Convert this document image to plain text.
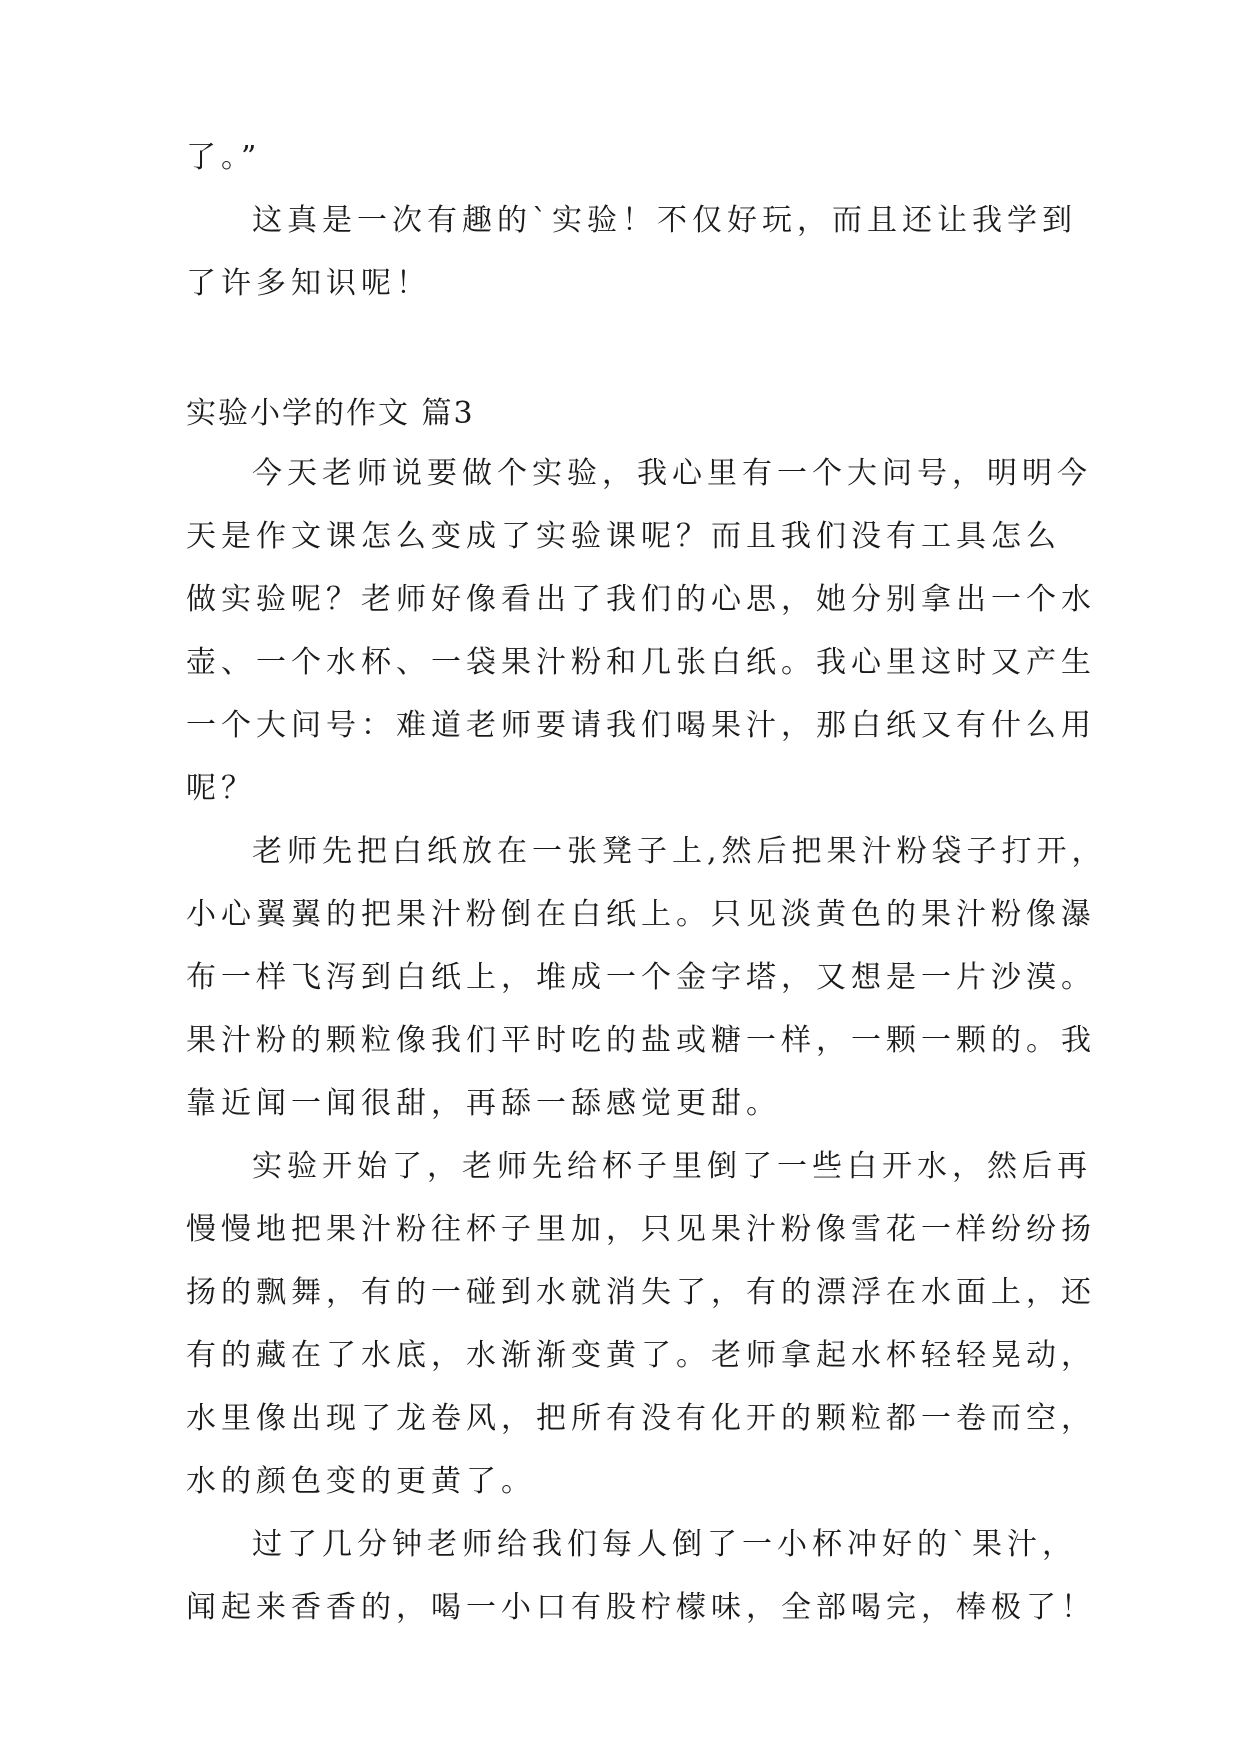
了。”

这真是一次有趣的`实验！不仅好玩，而且还让我学到

了许多知识呢！

实验小学的作文 篇3

今天老师说要做个实验，我心里有一个大问号，明明今

天是作文课怎么变成了实验课呢？而且我们没有工具怎么

做实验呢？老师好像看出了我们的心思，她分别拿出一个水

壶、一个水杯、一袋果汁粉和几张白纸。我心里这时又产生

一个大问号：难道老师要请我们喝果汁，那白纸又有什么用

呢？

老师先把白纸放在一张凳子上,然后把果汁粉袋子打开，

小心翼翼的把果汁粉倒在白纸上。只见淡黄色的果汁粉像瀑

布一样飞泻到白纸上，堆成一个金字塔，又想是一片沙漠。

果汁粉的颗粒像我们平时吃的盐或糖一样，一颗一颗的。我

靠近闻一闻很甜，再舔一舔感觉更甜。

实验开始了，老师先给杯子里倒了一些白开水，然后再

慢慢地把果汁粉往杯子里加，只见果汁粉像雪花一样纷纷扬

扬的飘舞，有的一碰到水就消失了，有的漂浮在水面上，还

有的藏在了水底，水渐渐变黄了。老师拿起水杯轻轻晃动，

水里像出现了龙卷风，把所有没有化开的颗粒都一卷而空，

水的颜色变的更黄了。

过了几分钟老师给我们每人倒了一小杯冲好的`果汁，

闻起来香香的，喝一小口有股柠檬味，全部喝完，棒极了！
